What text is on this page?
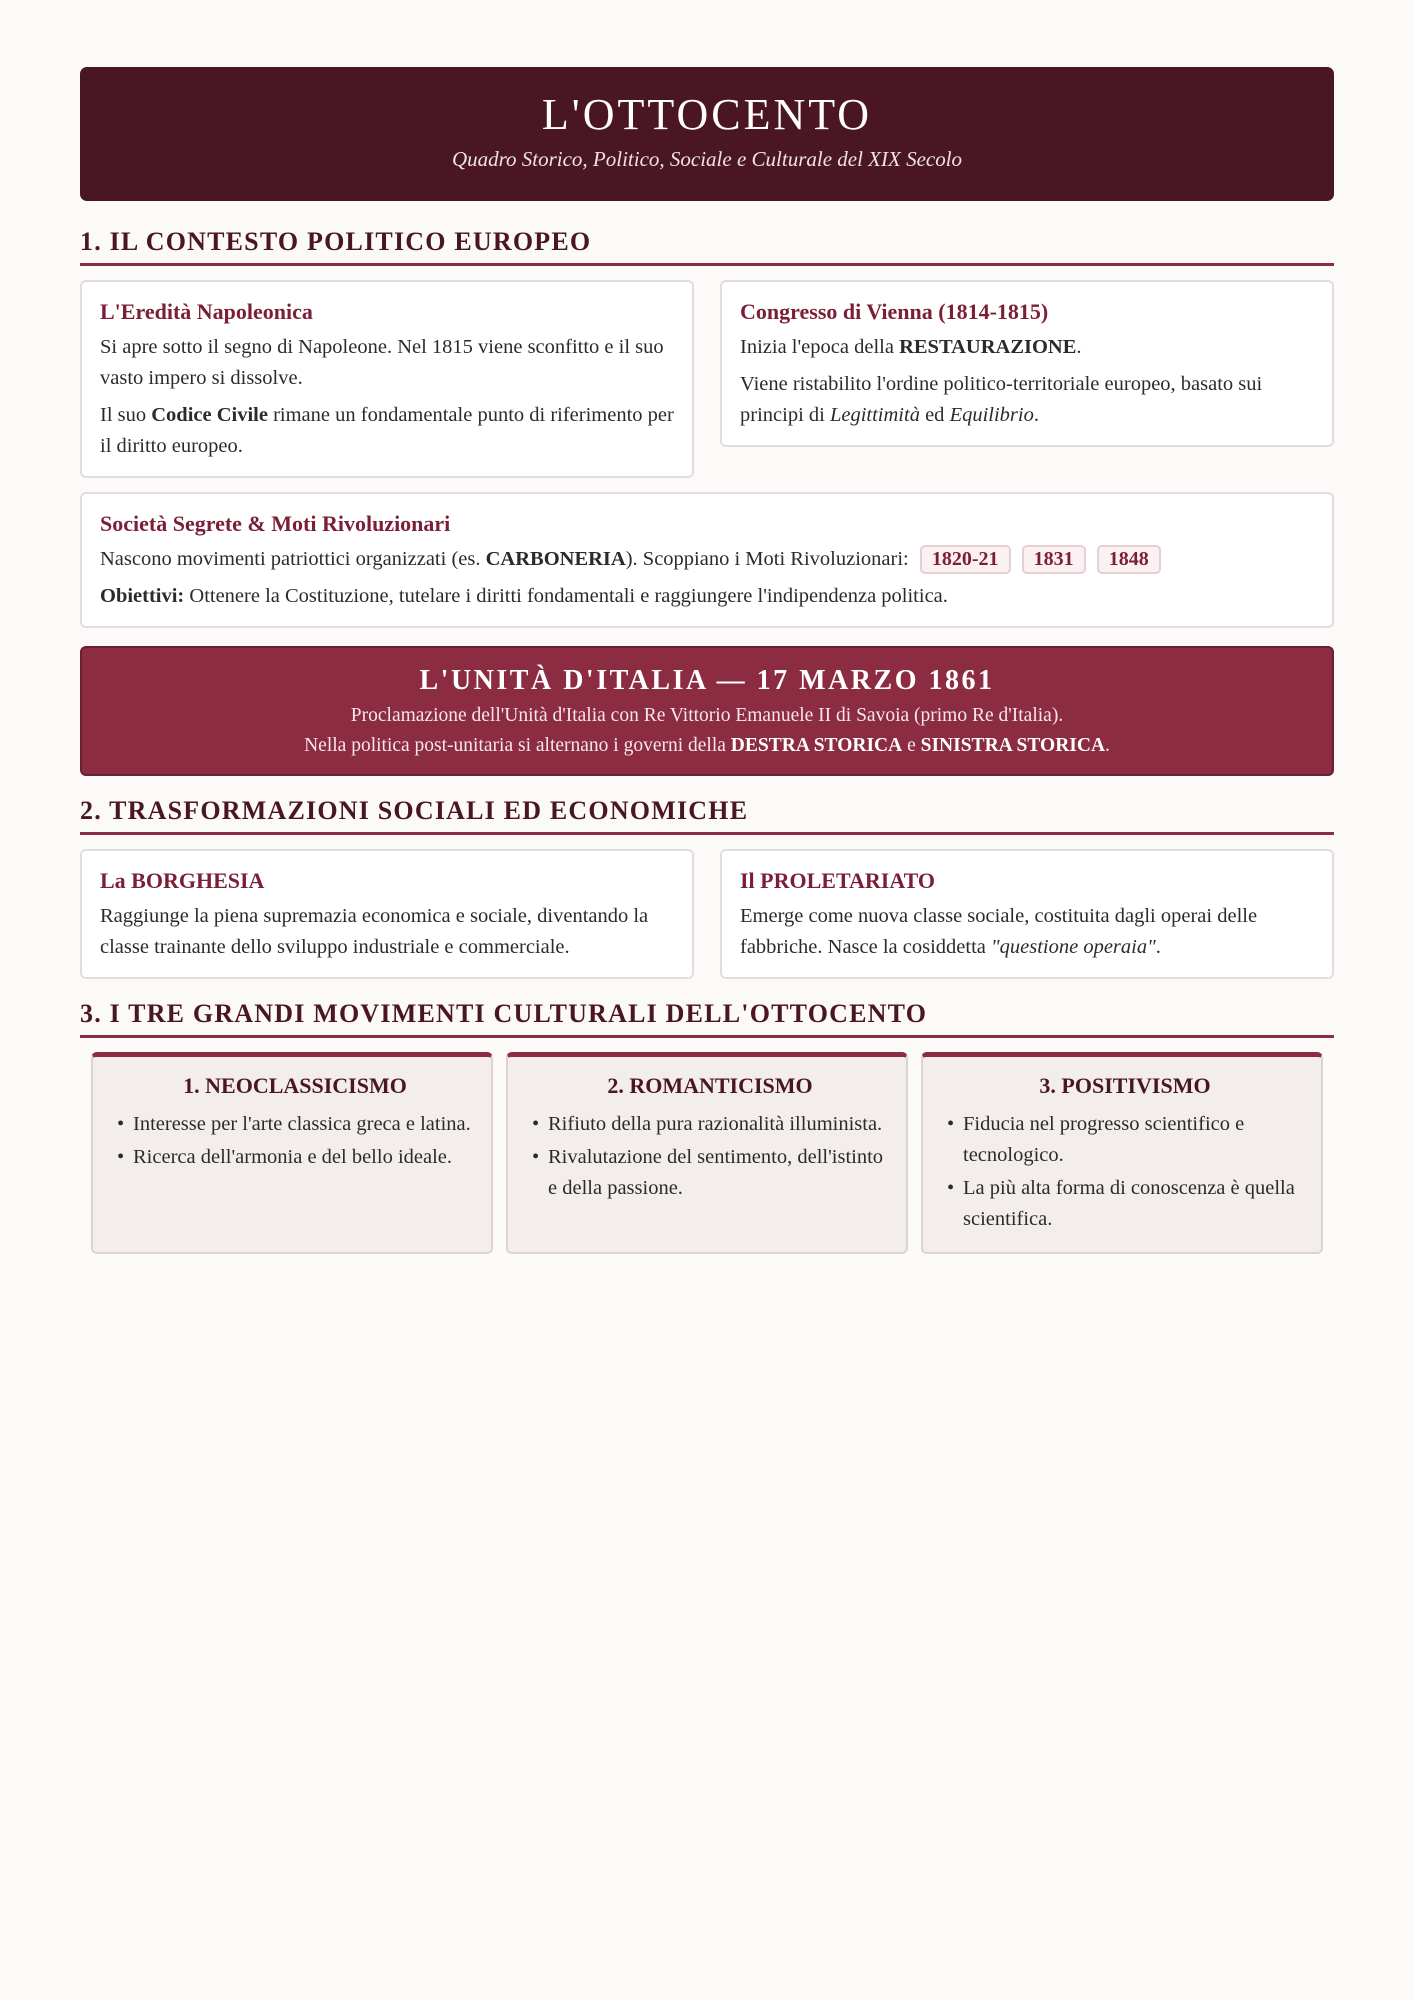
L'OTTOCENTO
Quadro Storico, Politico, Sociale e Culturale del XIX Secolo
1. IL CONTESTO POLITICO EUROPEO
L'Eredità Napoleonica

Si apre sotto il segno di Napoleone. Nel 1815 viene sconfitto e il suo vasto impero si dissolve.

Il suo Codice Civile rimane un fondamentale punto di riferimento per il diritto europeo.

Congresso di Vienna (1814-1815)

Inizia l'epoca della RESTAURAZIONE.

Viene ristabilito l'ordine politico-territoriale europeo, basato sui principi di Legittimità ed Equilibrio.

Società Segrete & Moti Rivoluzionari

Nascono movimenti patriottici organizzati (es. CARBONERIA). Scoppiano i Moti Rivoluzionari: 1820-21 1831 1848

Obiettivi: Ottenere la Costituzione, tutelare i diritti fondamentali e raggiungere l'indipendenza politica.

L'UNITÀ D'ITALIA — 17 MARZO 1861

Proclamazione dell'Unità d'Italia con Re Vittorio Emanuele II di Savoia (primo Re d'Italia).

Nella politica post-unitaria si alternano i governi della DESTRA STORICA e SINISTRA STORICA.

2. TRASFORMAZIONI SOCIALI ED ECONOMICHE
La BORGHESIA

Raggiunge la piena supremazia economica e sociale, diventando la classe trainante dello sviluppo industriale e commerciale.

Il PROLETARIATO

Emerge come nuova classe sociale, costituita dagli operai delle fabbriche. Nasce la cosiddetta "questione operaia".

3. I TRE GRANDI MOVIMENTI CULTURALI DELL'OTTOCENTO
1. NEOCLASSICISMO
• Interesse per l'arte classica greca e latina.
• Ricerca dell'armonia e del bello ideale.
2. ROMANTICISMO
• Rifiuto della pura razionalità illuminista.
• Rivalutazione del sentimento, dell'istinto e della passione.
3. POSITIVISMO
• Fiducia nel progresso scientifico e tecnologico.
• La più alta forma di conoscenza è quella scientifica.
